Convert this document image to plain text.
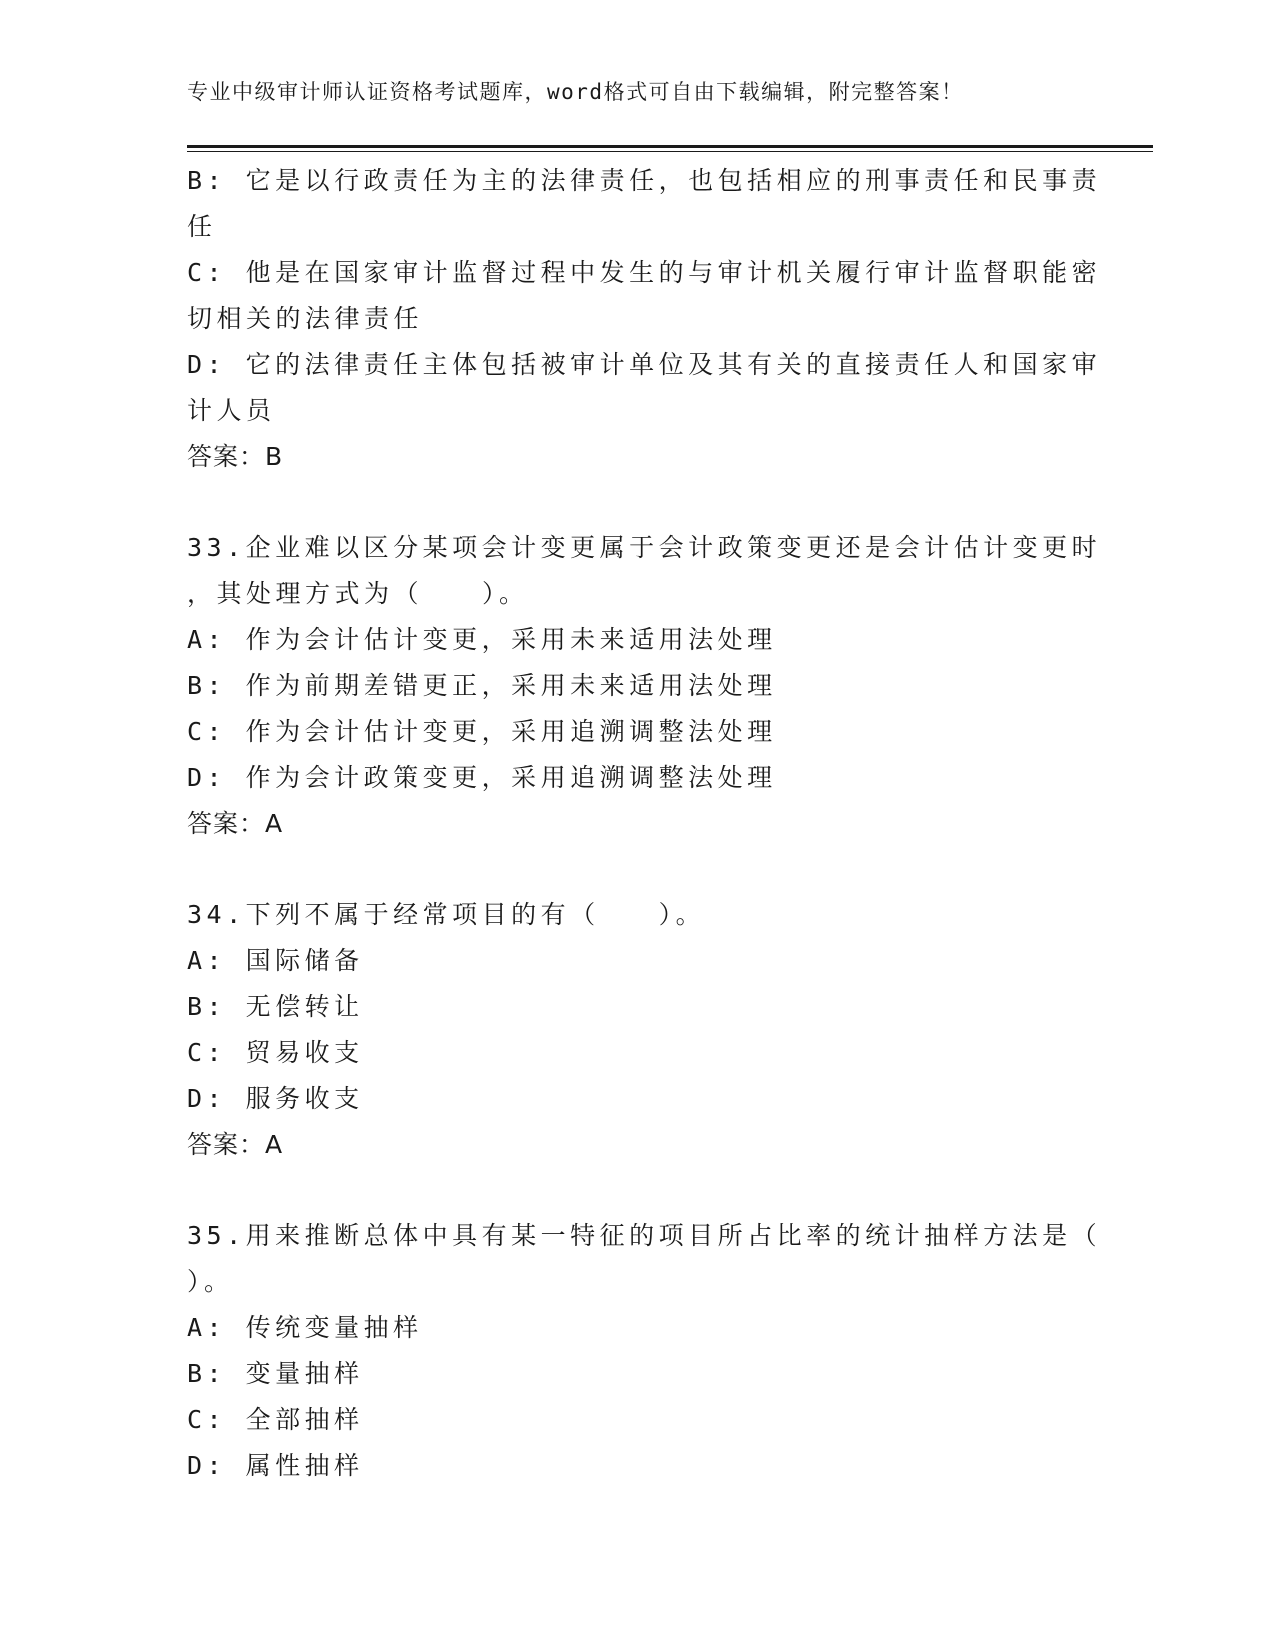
专业中级审计师认证资格考试题库，word格式可自由下载编辑，附完整答案！
B: 它是以行政责任为主的法律责任，也包括相应的刑事责任和民事责
任
C: 他是在国家审计监督过程中发生的与审计机关履行审计监督职能密
切相关的法律责任
D: 它的法律责任主体包括被审计单位及其有关的直接责任人和国家审
计人员
答案：B
33.企业难以区分某项会计变更属于会计政策变更还是会计估计变更时
，其处理方式为（　　）。
A: 作为会计估计变更，采用未来适用法处理
B: 作为前期差错更正，采用未来适用法处理
C: 作为会计估计变更，采用追溯调整法处理
D: 作为会计政策变更，采用追溯调整法处理
答案：A
34.下列不属于经常项目的有（　　）。
A: 国际储备
B: 无偿转让
C: 贸易收支
D: 服务收支
答案：A
35.用来推断总体中具有某一特征的项目所占比率的统计抽样方法是（
）。
A: 传统变量抽样
B: 变量抽样
C: 全部抽样
D: 属性抽样
